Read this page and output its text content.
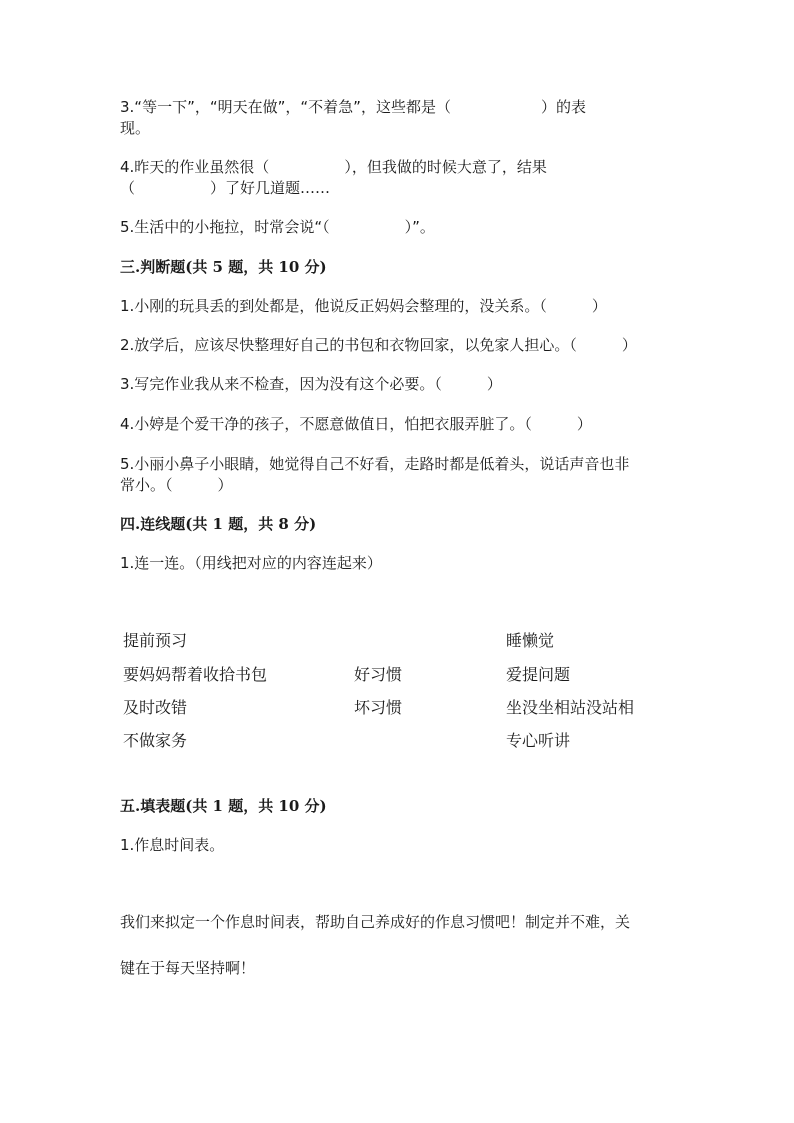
3.“等一下”，“明天在做”，“不着急”，这些都是（　　　　　　）的表
现。
4.昨天的作业虽然很（　　　　　），但我做的时候大意了，结果
（　　　　　）了好几道题……
5.生活中的小拖拉，时常会说“（　　　　　）”。
三.判断题(共 5 题，共 10 分)
1.小刚的玩具丢的到处都是，他说反正妈妈会整理的，没关系。（　　　）
2.放学后，应该尽快整理好自己的书包和衣物回家，以免家人担心。（　　　）
3.写完作业我从来不检查，因为没有这个必要。（　　　）
4.小婷是个爱干净的孩子，不愿意做值日，怕把衣服弄脏了。（　　　）
5.小丽小鼻子小眼睛，她觉得自己不好看，走路时都是低着头，说话声音也非
常小。（　　　）
四.连线题(共 1 题，共 8 分)
1.连一连。（用线把对应的内容连起来）
提前预习
要妈妈帮着收拾书包
及时改错
不做家务
好习惯
坏习惯
睡懒觉
爱提问题
坐没坐相站没站相
专心听讲
五.填表题(共 1 题，共 10 分)
1.作息时间表。
我们来拟定一个作息时间表，帮助自己养成好的作息习惯吧！制定并不难，关
键在于每天坚持啊！
